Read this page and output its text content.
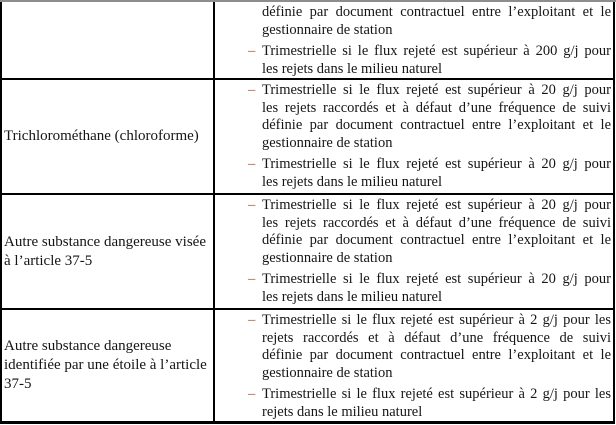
définie par document contractuel entre l’exploitant et le
gestionnaire de station
– Trimestrielle si le flux rejeté est supérieur à 200 g/j pour
les rejets dans le milieu naturel
Trichlorométhane (chloroforme)
– Trimestrielle si le flux rejeté est supérieur à 20 g/j pour
les rejets raccordés et à défaut d’une fréquence de suivi
définie par document contractuel entre l’exploitant et le
gestionnaire de station
– Trimestrielle si le flux rejeté est supérieur à 20 g/j pour
les rejets dans le milieu naturel
Autre substance dangereuse visée
à l’article 37-5
– Trimestrielle si le flux rejeté est supérieur à 20 g/j pour
les rejets raccordés et à défaut d’une fréquence de suivi
définie par document contractuel entre l’exploitant et le
gestionnaire de station
– Trimestrielle si le flux rejeté est supérieur à 20 g/j pour
les rejets dans le milieu naturel
Autre substance dangereuse
identifiée par une étoile à l’article
37-5
– Trimestrielle si le flux rejeté est supérieur à 2 g/j pour les
rejets raccordés et à défaut d’une fréquence de suivi
définie par document contractuel entre l’exploitant et le
gestionnaire de station
– Trimestrielle si le flux rejeté est supérieur à 2 g/j pour les
rejets dans le milieu naturel
